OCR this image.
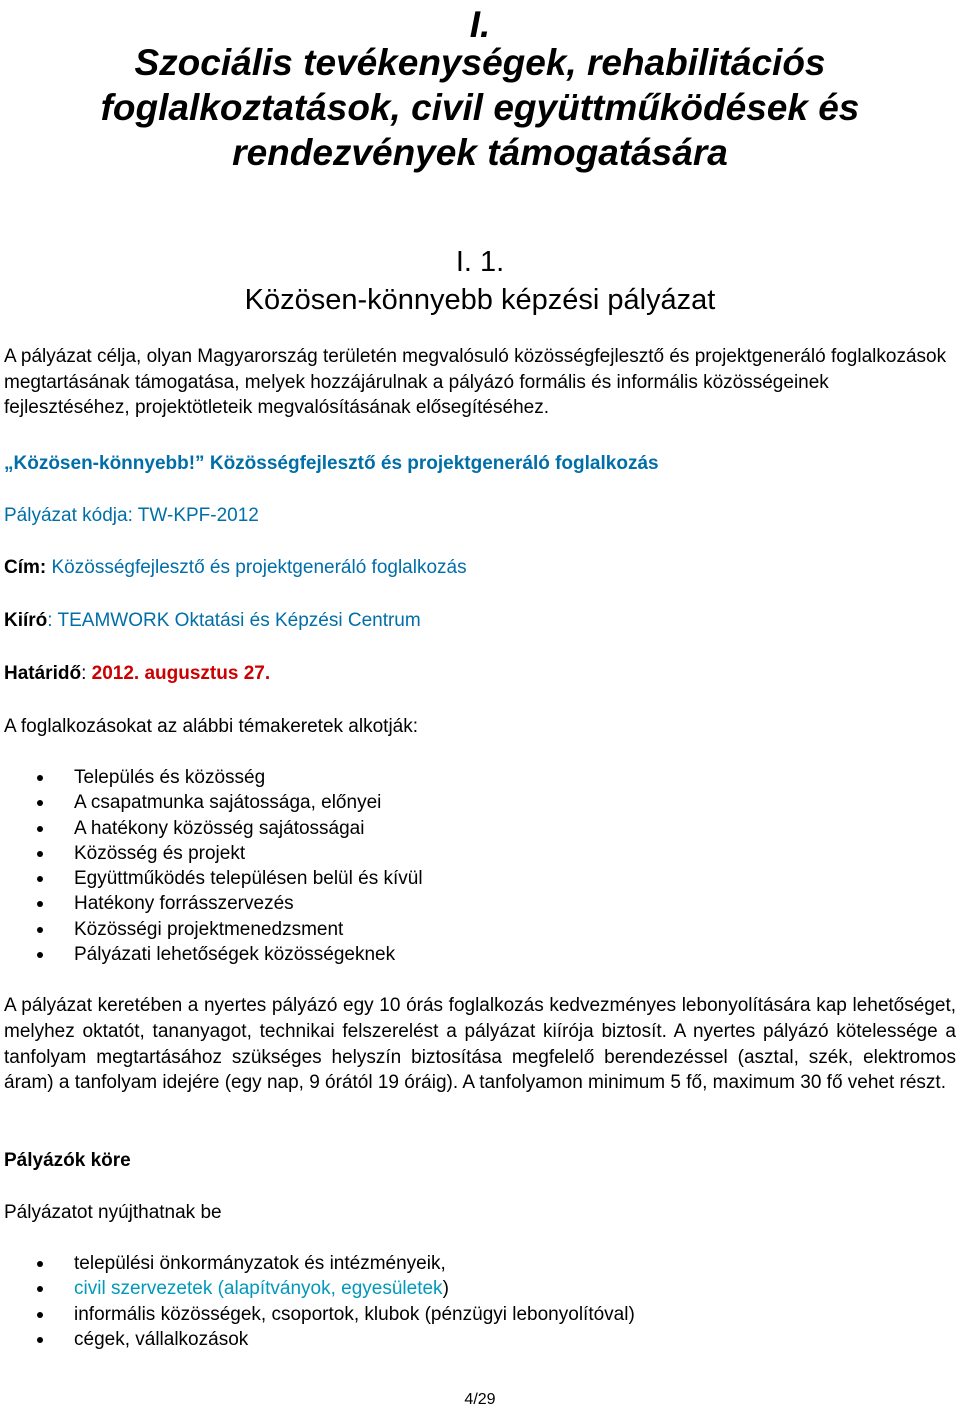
I.
Szociális tevékenységek, rehabilitációs
foglalkoztatások, civil együttműködések és
rendezvények támogatására
I. 1.
Közösen-könnyebb képzési pályázat
A pályázat célja, olyan Magyarország területén megvalósuló közösségfejlesztő és projektgeneráló foglalkozások megtartásának támogatása, melyek hozzájárulnak a pályázó formális és informális közösségeinek fejlesztéséhez, projektötleteik megvalósításának elősegítéséhez.
„Közösen-könnyebb!” Közösségfejlesztő és projektgeneráló foglalkozás
Pályázat kódja: TW-KPF-2012
Cím: Közösségfejlesztő és projektgeneráló foglalkozás
Kiíró: TEAMWORK Oktatási és Képzési Centrum
Határidő: 2012. augusztus 27.
A foglalkozásokat az alábbi témakeretek alkotják:
Település és közösség
A csapatmunka sajátossága, előnyei
A hatékony közösség sajátosságai
Közösség és projekt
Együttműködés településen belül és kívül
Hatékony forrásszervezés
Közösségi projektmenedzsment
Pályázati lehetőségek közösségeknek
A pályázat keretében a nyertes pályázó egy 10 órás foglalkozás kedvezményes lebonyolítására kap lehetőséget, melyhez oktatót, tananyagot, technikai felszerelést a pályázat kiírója biztosít. A nyertes pályázó kötelessége a tanfolyam megtartásához szükséges helyszín biztosítása megfelelő berendezéssel (asztal, szék, elektromos áram) a tanfolyam idejére (egy nap, 9 órától 19 óráig). A tanfolyamon minimum 5 fő, maximum 30 fő vehet részt.
Pályázók köre
Pályázatot nyújthatnak be
települési önkormányzatok és intézményeik,
civil szervezetek (alapítványok, egyesületek)
informális közösségek, csoportok, klubok (pénzügyi lebonyolítóval)
cégek, vállalkozások
4/29
